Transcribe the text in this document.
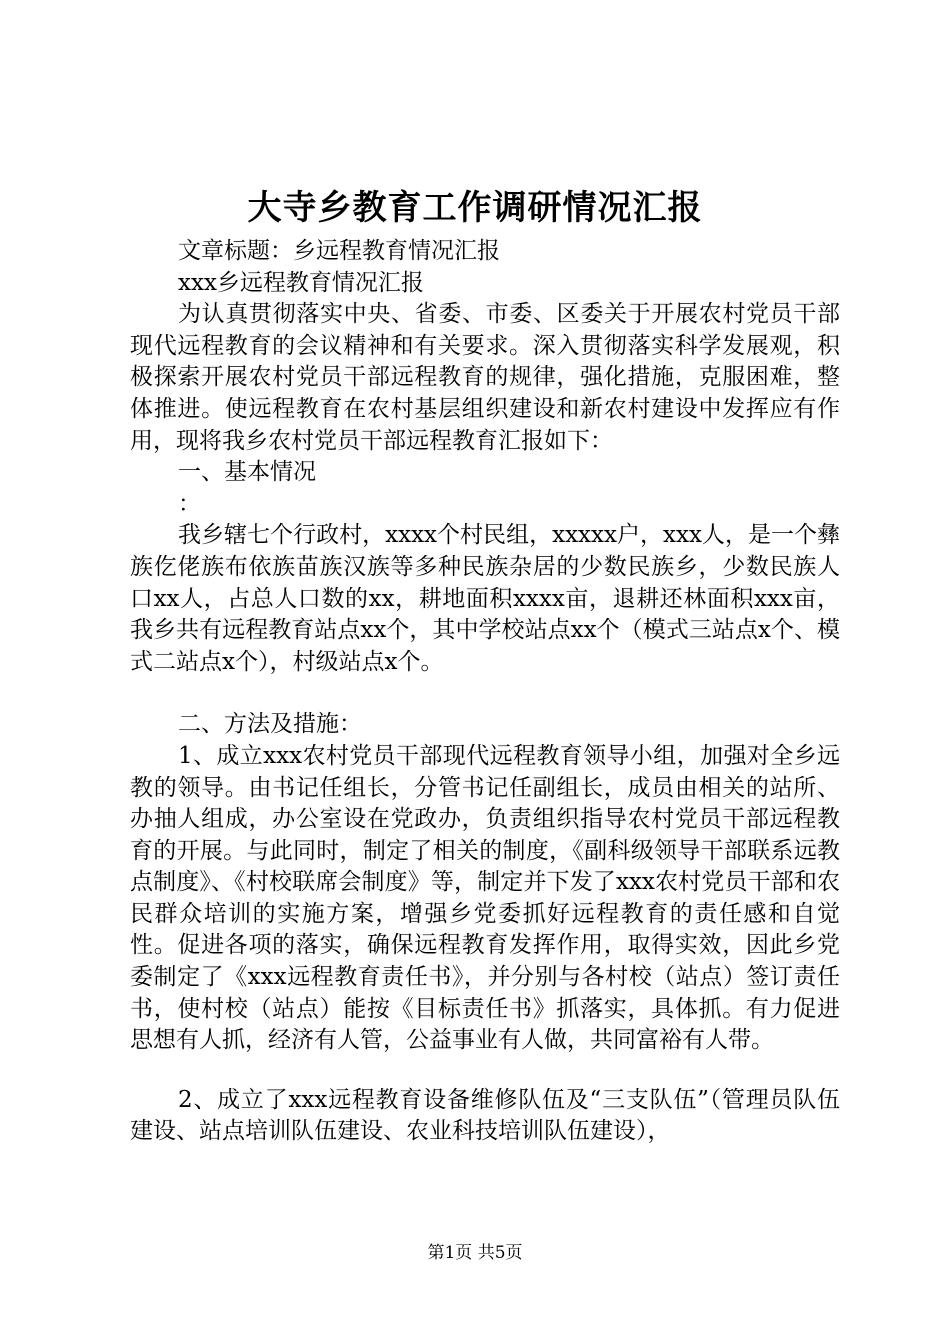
大寺乡教育工作调研情况汇报

文章标题：乡远程教育情况汇报

xxx乡远程教育情况汇报

为认真贯彻落实中央、省委、市委、区委关于开展农村党员干部现代远程教育的会议精神和有关要求。深入贯彻落实科学发展观，积极探索开展农村党员干部远程教育的规律，强化措施，克服困难，整体推进。使远程教育在农村基层组织建设和新农村建设中发挥应有作用，现将我乡农村党员干部远程教育汇报如下：

一、基本情况

：

我乡辖七个行政村，xxxx个村民组，xxxxx户，xxx人，是一个彝族仡佬族布依族苗族汉族等多种民族杂居的少数民族乡，少数民族人口xx人，占总人口数的xx，耕地面积xxxx亩，退耕还林面积xxx亩，我乡共有远程教育站点xx个，其中学校站点xx个（模式三站点x个、模式二站点x个），村级站点x个。

二、方法及措施：

1、成立xxx农村党员干部现代远程教育领导小组，加强对全乡远教的领导。由书记任组长，分管书记任副组长，成员由相关的站所、办抽人组成，办公室设在党政办，负责组织指导农村党员干部远程教育的开展。与此同时，制定了相关的制度，《副科级领导干部联系远教点制度》、《村校联席会制度》等，制定并下发了xxx农村党员干部和农民群众培训的实施方案，增强乡党委抓好远程教育的责任感和自觉性。促进各项的落实，确保远程教育发挥作用，取得实效，因此乡党委制定了《xxx远程教育责任书》，并分别与各村校（站点）签订责任书，使村校（站点）能按《目标责任书》抓落实，具体抓。有力促进思想有人抓，经济有人管，公益事业有人做，共同富裕有人带。

2、成立了xxx远程教育设备维修队伍及“三支队伍”（管理员队伍建设、站点培训队伍建设、农业科技培训队伍建设），

第1页 共5页
